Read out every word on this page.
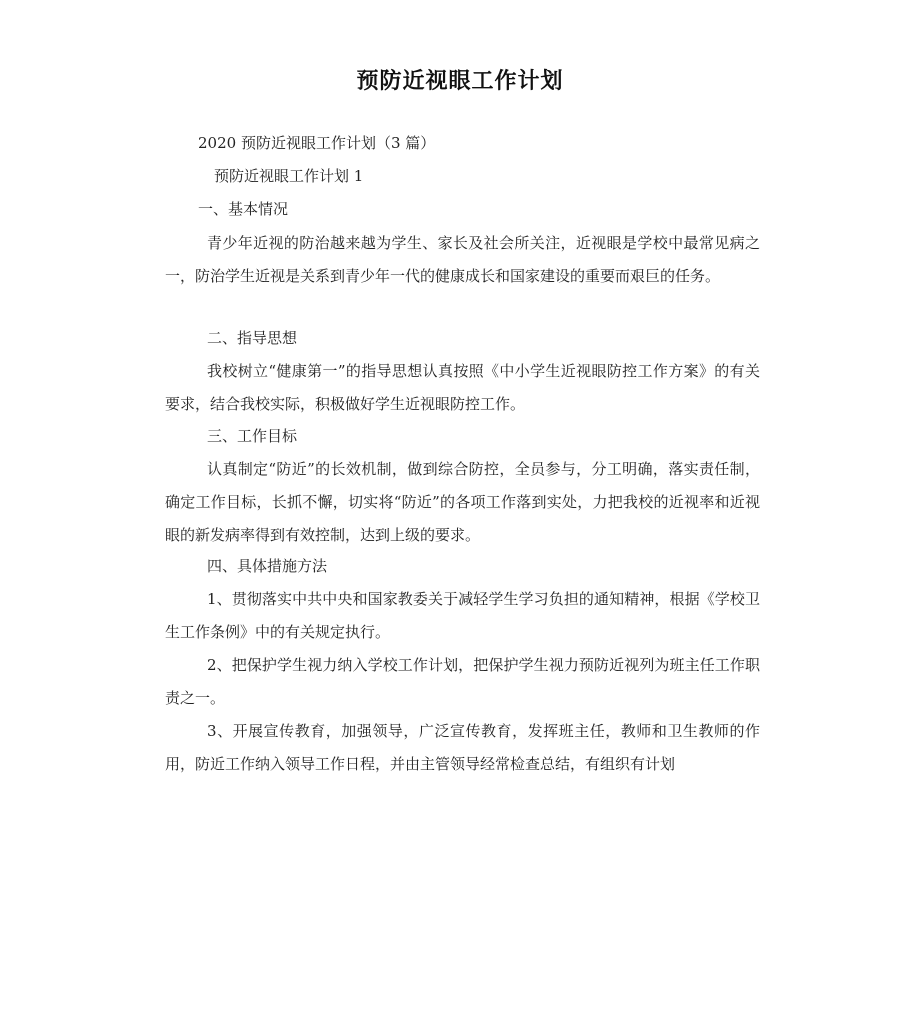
预防近视眼工作计划
2020 预防近视眼工作计划（3 篇）
预防近视眼工作计划 1
一、基本情况

青少年近视的防治越来越为学生、家长及社会所关注，近视眼是学校中最常见病之一，防治学生近视是关系到青少年一代的健康成长和国家建设的重要而艰巨的任务。

二、指导思想

我校树立“健康第一”的指导思想认真按照《中小学生近视眼防控工作方案》的有关要求，结合我校实际，积极做好学生近视眼防控工作。

三、工作目标

认真制定“防近”的长效机制，做到综合防控，全员参与，分工明确，落实责任制，确定工作目标，长抓不懈，切实将“防近”的各项工作落到实处，力把我校的近视率和近视眼的新发病率得到有效控制，达到上级的要求。

四、具体措施方法

1、贯彻落实中共中央和国家教委关于减轻学生学习负担的通知精神，根据《学校卫生工作条例》中的有关规定执行。

2、把保护学生视力纳入学校工作计划，把保护学生视力预防近视列为班主任工作职责之一。

3、开展宣传教育，加强领导，广泛宣传教育，发挥班主任，教师和卫生教师的作用，防近工作纳入领导工作日程，并由主管领导经常检查总结，有组织有计划
